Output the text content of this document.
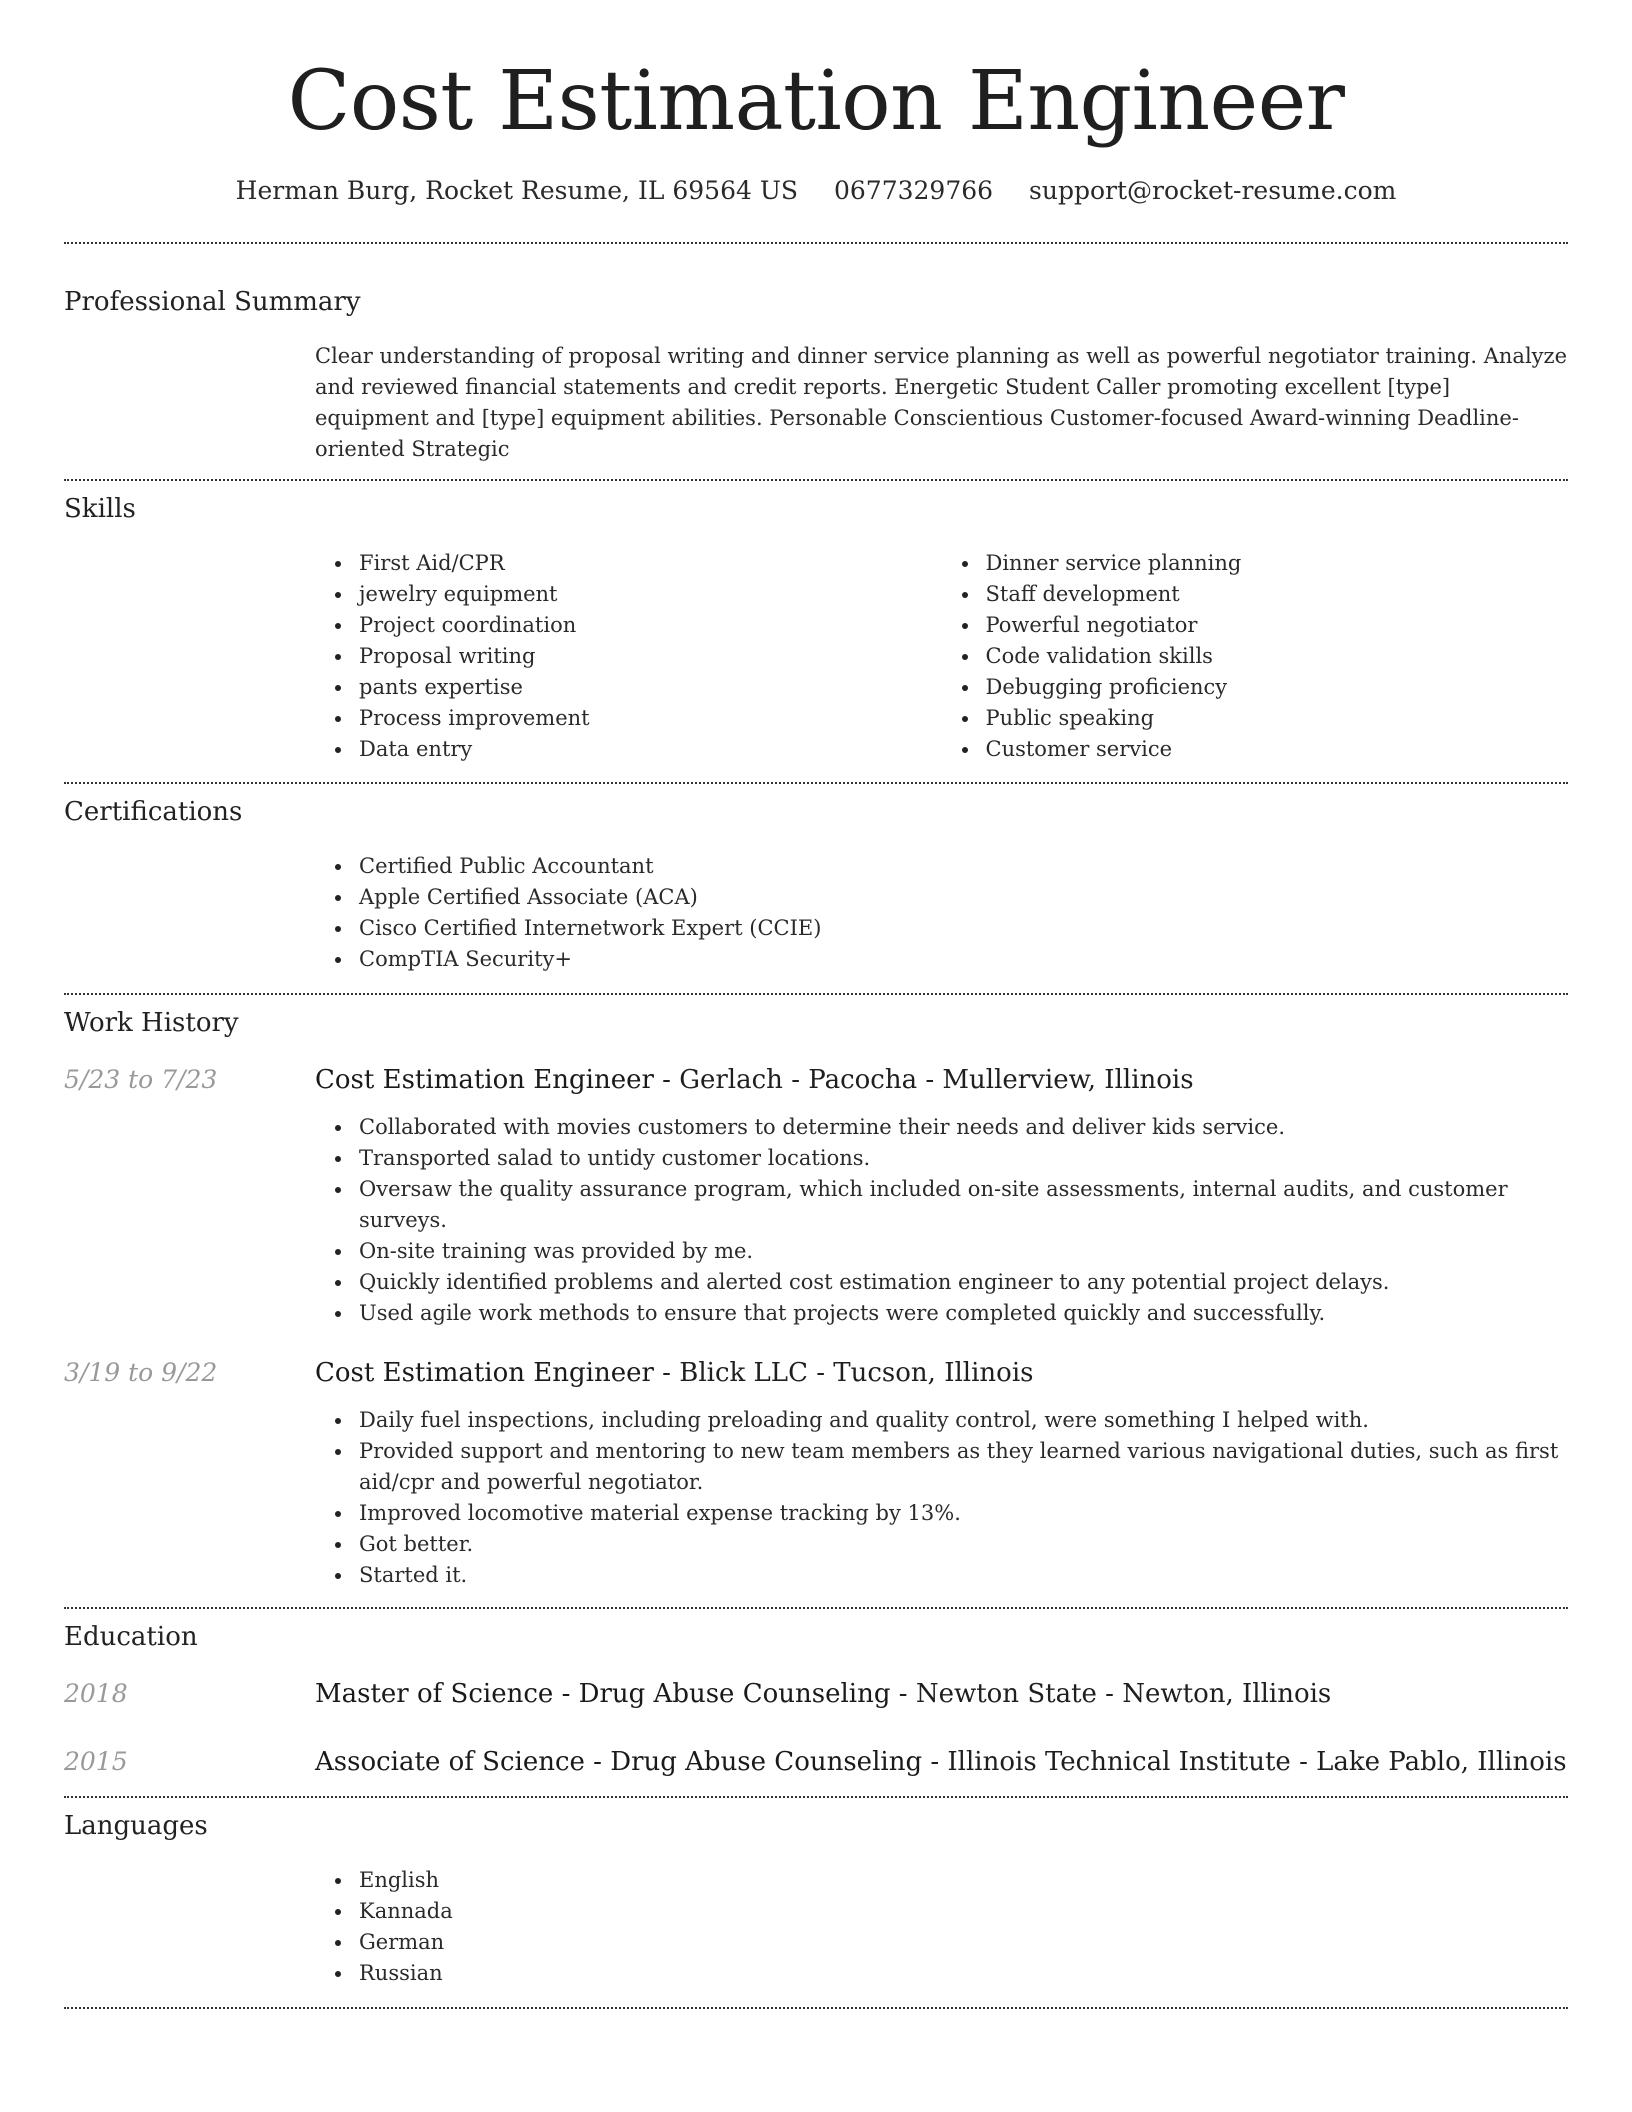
Cost Estimation Engineer
Herman Burg, Rocket Resume, IL 69564 US 0677329766 support@rocket-resume.com
Professional Summary
Clear understanding of proposal writing and dinner service planning as well as powerful negotiator training. Analyze and reviewed financial statements and credit reports. Energetic Student Caller promoting excellent [type] equipment and [type] equipment abilities. Personable Conscientious Customer-focused Award-winning Deadline-oriented Strategic
Skills
First Aid/CPR
jewelry equipment
Project coordination
Proposal writing
pants expertise
Process improvement
Data entry
Dinner service planning
Staff development
Powerful negotiator
Code validation skills
Debugging proficiency
Public speaking
Customer service
Certifications
Certified Public Accountant
Apple Certified Associate (ACA)
Cisco Certified Internetwork Expert (CCIE)
CompTIA Security+
Work History
5/23 to 7/23	Cost Estimation Engineer - Gerlach - Pacocha - Mullerview, Illinois
Collaborated with movies customers to determine their needs and deliver kids service.
Transported salad to untidy customer locations.
Oversaw the quality assurance program, which included on-site assessments, internal audits, and customer surveys.
On-site training was provided by me.
Quickly identified problems and alerted cost estimation engineer to any potential project delays.
Used agile work methods to ensure that projects were completed quickly and successfully.
3/19 to 9/22	Cost Estimation Engineer - Blick LLC - Tucson, Illinois
Daily fuel inspections, including preloading and quality control, were something I helped with.
Provided support and mentoring to new team members as they learned various navigational duties, such as first aid/cpr and powerful negotiator.
Improved locomotive material expense tracking by 13%.
Got better.
Started it.
Education
2018	Master of Science - Drug Abuse Counseling - Newton State - Newton, Illinois
2015	Associate of Science - Drug Abuse Counseling - Illinois Technical Institute - Lake Pablo, Illinois
Languages
English
Kannada
German
Russian
